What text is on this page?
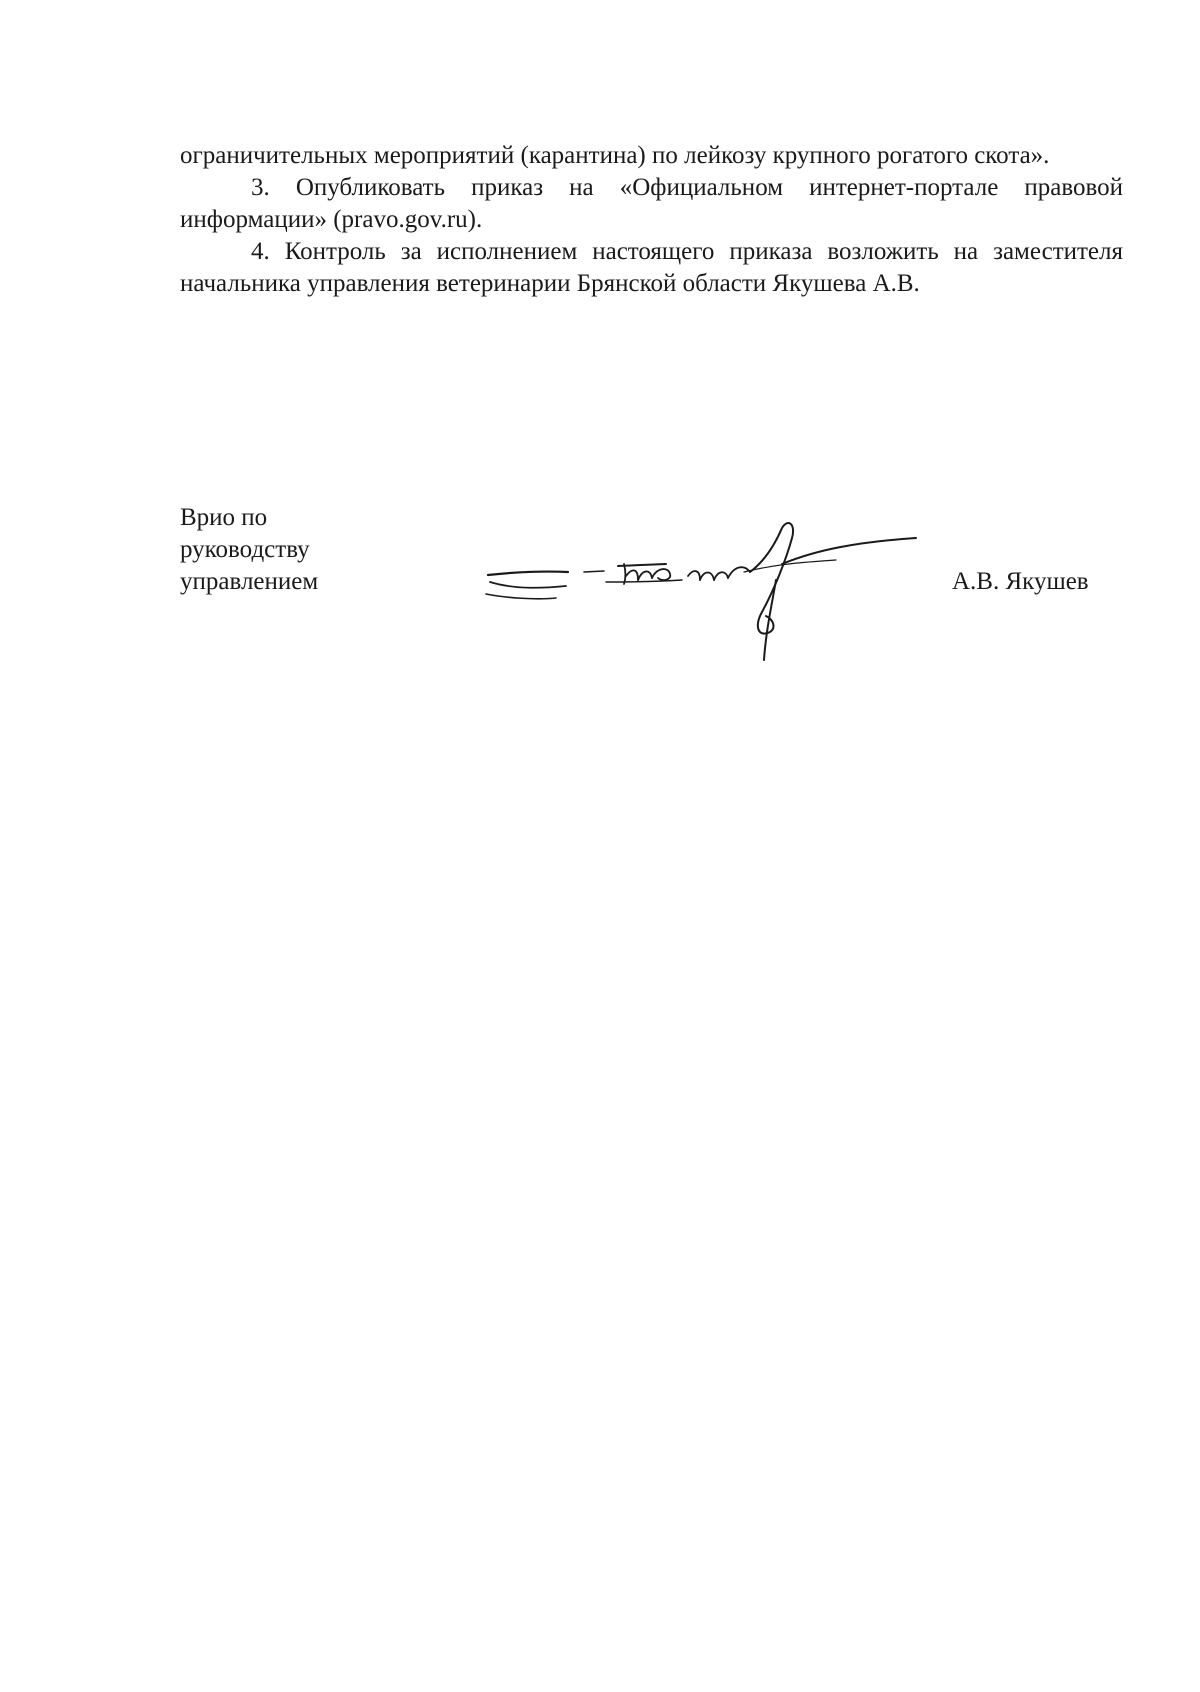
ограничительных мероприятий (карантина) по лейкозу крупного рогатого скота».

3. Опубликовать приказ на «Официальном интернет-портале правовой информации» (pravo.gov.ru).

4. Контроль за исполнением настоящего приказа возложить на заместителя начальника управления ветеринарии Брянской области Якушева А.В.

Врио по
руководству
управлением	А.В. Якушев
